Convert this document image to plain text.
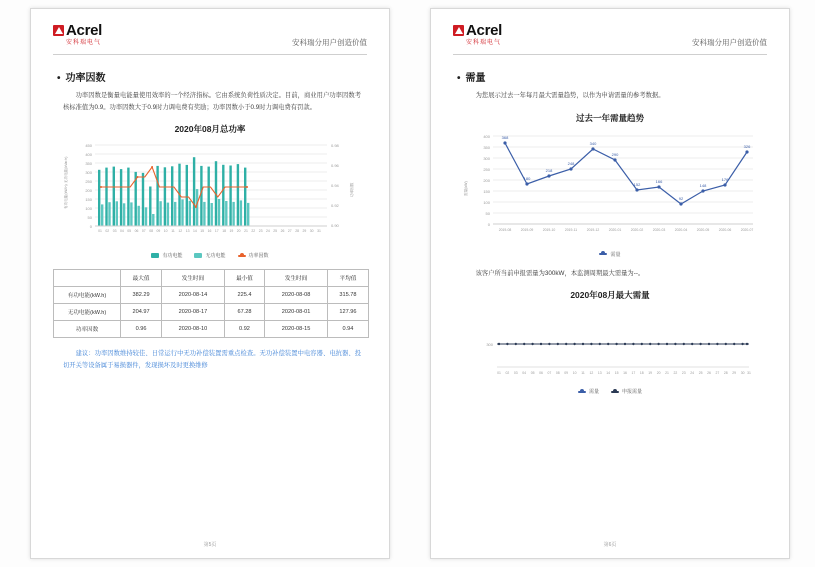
Acrel
安科瑞电气	安科瑞分用户创造价值
• 功率因数
功率因数是衡量电能量使用效率的一个经济指标。它由系统负荷性质决定。目前，商业用户功率因数考核标准值为0.9。功率因数大于0.9时力调电费有奖励；功率因数小于0.9时力调电费有罚款。
2020年08月总功率
450
400
350
300
250
200
150
100
50
0
0.98
0.96
0.94
0.92
0.90
有功电能(kW.h) 无功电能(kVar.h)	功率因数
01 02 03 04 05 06 07 08 09 10 11 12 13 14 15 16 17 18 19 20 21 22 23 24 25 26 27 28 29 30 31
有功电能	无功电能	功率因数
	最大值	发生时间	最小值	发生时间	平均值
有功电能(kW.h)	382.29	2020-08-14	225.4	2020-08-08	315.78
无功电能(kW.h)	204.97	2020-08-17	67.28	2020-08-01	127.96
功率因数	0.96	2020-08-10	0.92	2020-08-15	0.94
建议：功率因数维持较佳、日常运行中无功补偿装置需重点检查。无功补偿装置中电容器、电抗器、投切开关等设备属于易损器件，发现损坏及时更换维修
第5页
Acrel
安科瑞电气	安科瑞分用户创造价值
• 需量
为您展示过去一年每月最大需量趋势，以作为申请需量的参考数据。
过去一年需量趋势
400
350
300
250
200
150
100
50
0
需量(kW)
368
180
218
248
340
290
152
166
92
148
176
326
2019-08	2019-09	2019-10	2019-11	2019-12	2020-01	2020-02	2020-03	2020-04	2020-05	2020-06	2020-07
需量
该客户所当前申报需量为300kW，本监测周期最大需量为--。
2020年08月最大需量
300
01 02 03 04 05 06 07 08 09 10 11 12 13 14 15 16 17 18 19 20 21 22 23 24 25 26 27 28 29 30 31
需量	申报需量
第6页
